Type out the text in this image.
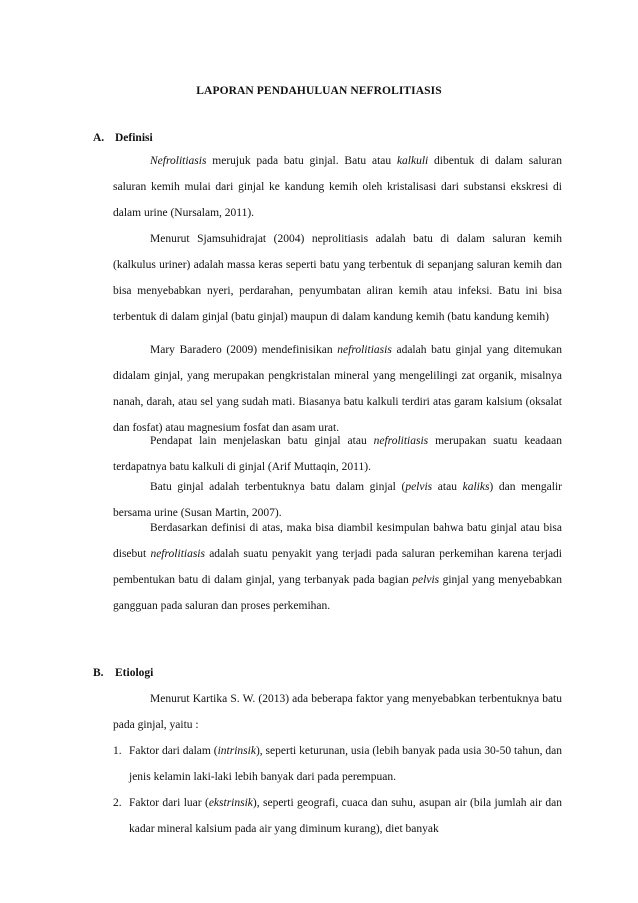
LAPORAN PENDAHULUAN NEFROLITIASIS
A. Definisi
Nefrolitiasis merujuk pada batu ginjal. Batu atau kalkuli dibentuk di dalam saluran saluran kemih mulai dari ginjal ke kandung kemih oleh kristalisasi dari substansi ekskresi di dalam urine (Nursalam, 2011).
Menurut Sjamsuhidrajat (2004) neprolitiasis adalah batu di dalam saluran kemih (kalkulus uriner) adalah massa keras seperti batu yang terbentuk di sepanjang saluran kemih dan bisa menyebabkan nyeri, perdarahan, penyumbatan aliran kemih atau infeksi. Batu ini bisa terbentuk di dalam ginjal (batu ginjal) maupun di dalam kandung kemih (batu kandung kemih)
Mary Baradero (2009) mendefinisikan nefrolitiasis adalah batu ginjal yang ditemukan didalam ginjal, yang merupakan pengkristalan mineral yang mengelilingi zat organik, misalnya nanah, darah, atau sel yang sudah mati. Biasanya batu kalkuli terdiri atas garam kalsium (oksalat dan fosfat) atau magnesium fosfat dan asam urat.
Pendapat lain menjelaskan batu ginjal atau nefrolitiasis merupakan suatu keadaan terdapatnya batu kalkuli di ginjal (Arif Muttaqin, 2011).
Batu ginjal adalah terbentuknya batu dalam ginjal (pelvis atau kaliks) dan mengalir bersama urine (Susan Martin, 2007).
Berdasarkan definisi di atas, maka bisa diambil kesimpulan bahwa batu ginjal atau bisa disebut nefrolitiasis adalah suatu penyakit yang terjadi pada saluran perkemihan karena terjadi pembentukan batu di dalam ginjal, yang terbanyak pada bagian pelvis ginjal yang menyebabkan gangguan pada saluran dan proses perkemihan.
B. Etiologi
Menurut Kartika S. W. (2013) ada beberapa faktor yang menyebabkan terbentuknya batu pada ginjal, yaitu :
1. Faktor dari dalam (intrinsik), seperti keturunan, usia (lebih banyak pada usia 30-50 tahun, dan jenis kelamin laki-laki lebih banyak dari pada perempuan.
2. Faktor dari luar (ekstrinsik), seperti geografi, cuaca dan suhu, asupan air (bila jumlah air dan kadar mineral kalsium pada air yang diminum kurang), diet banyak
